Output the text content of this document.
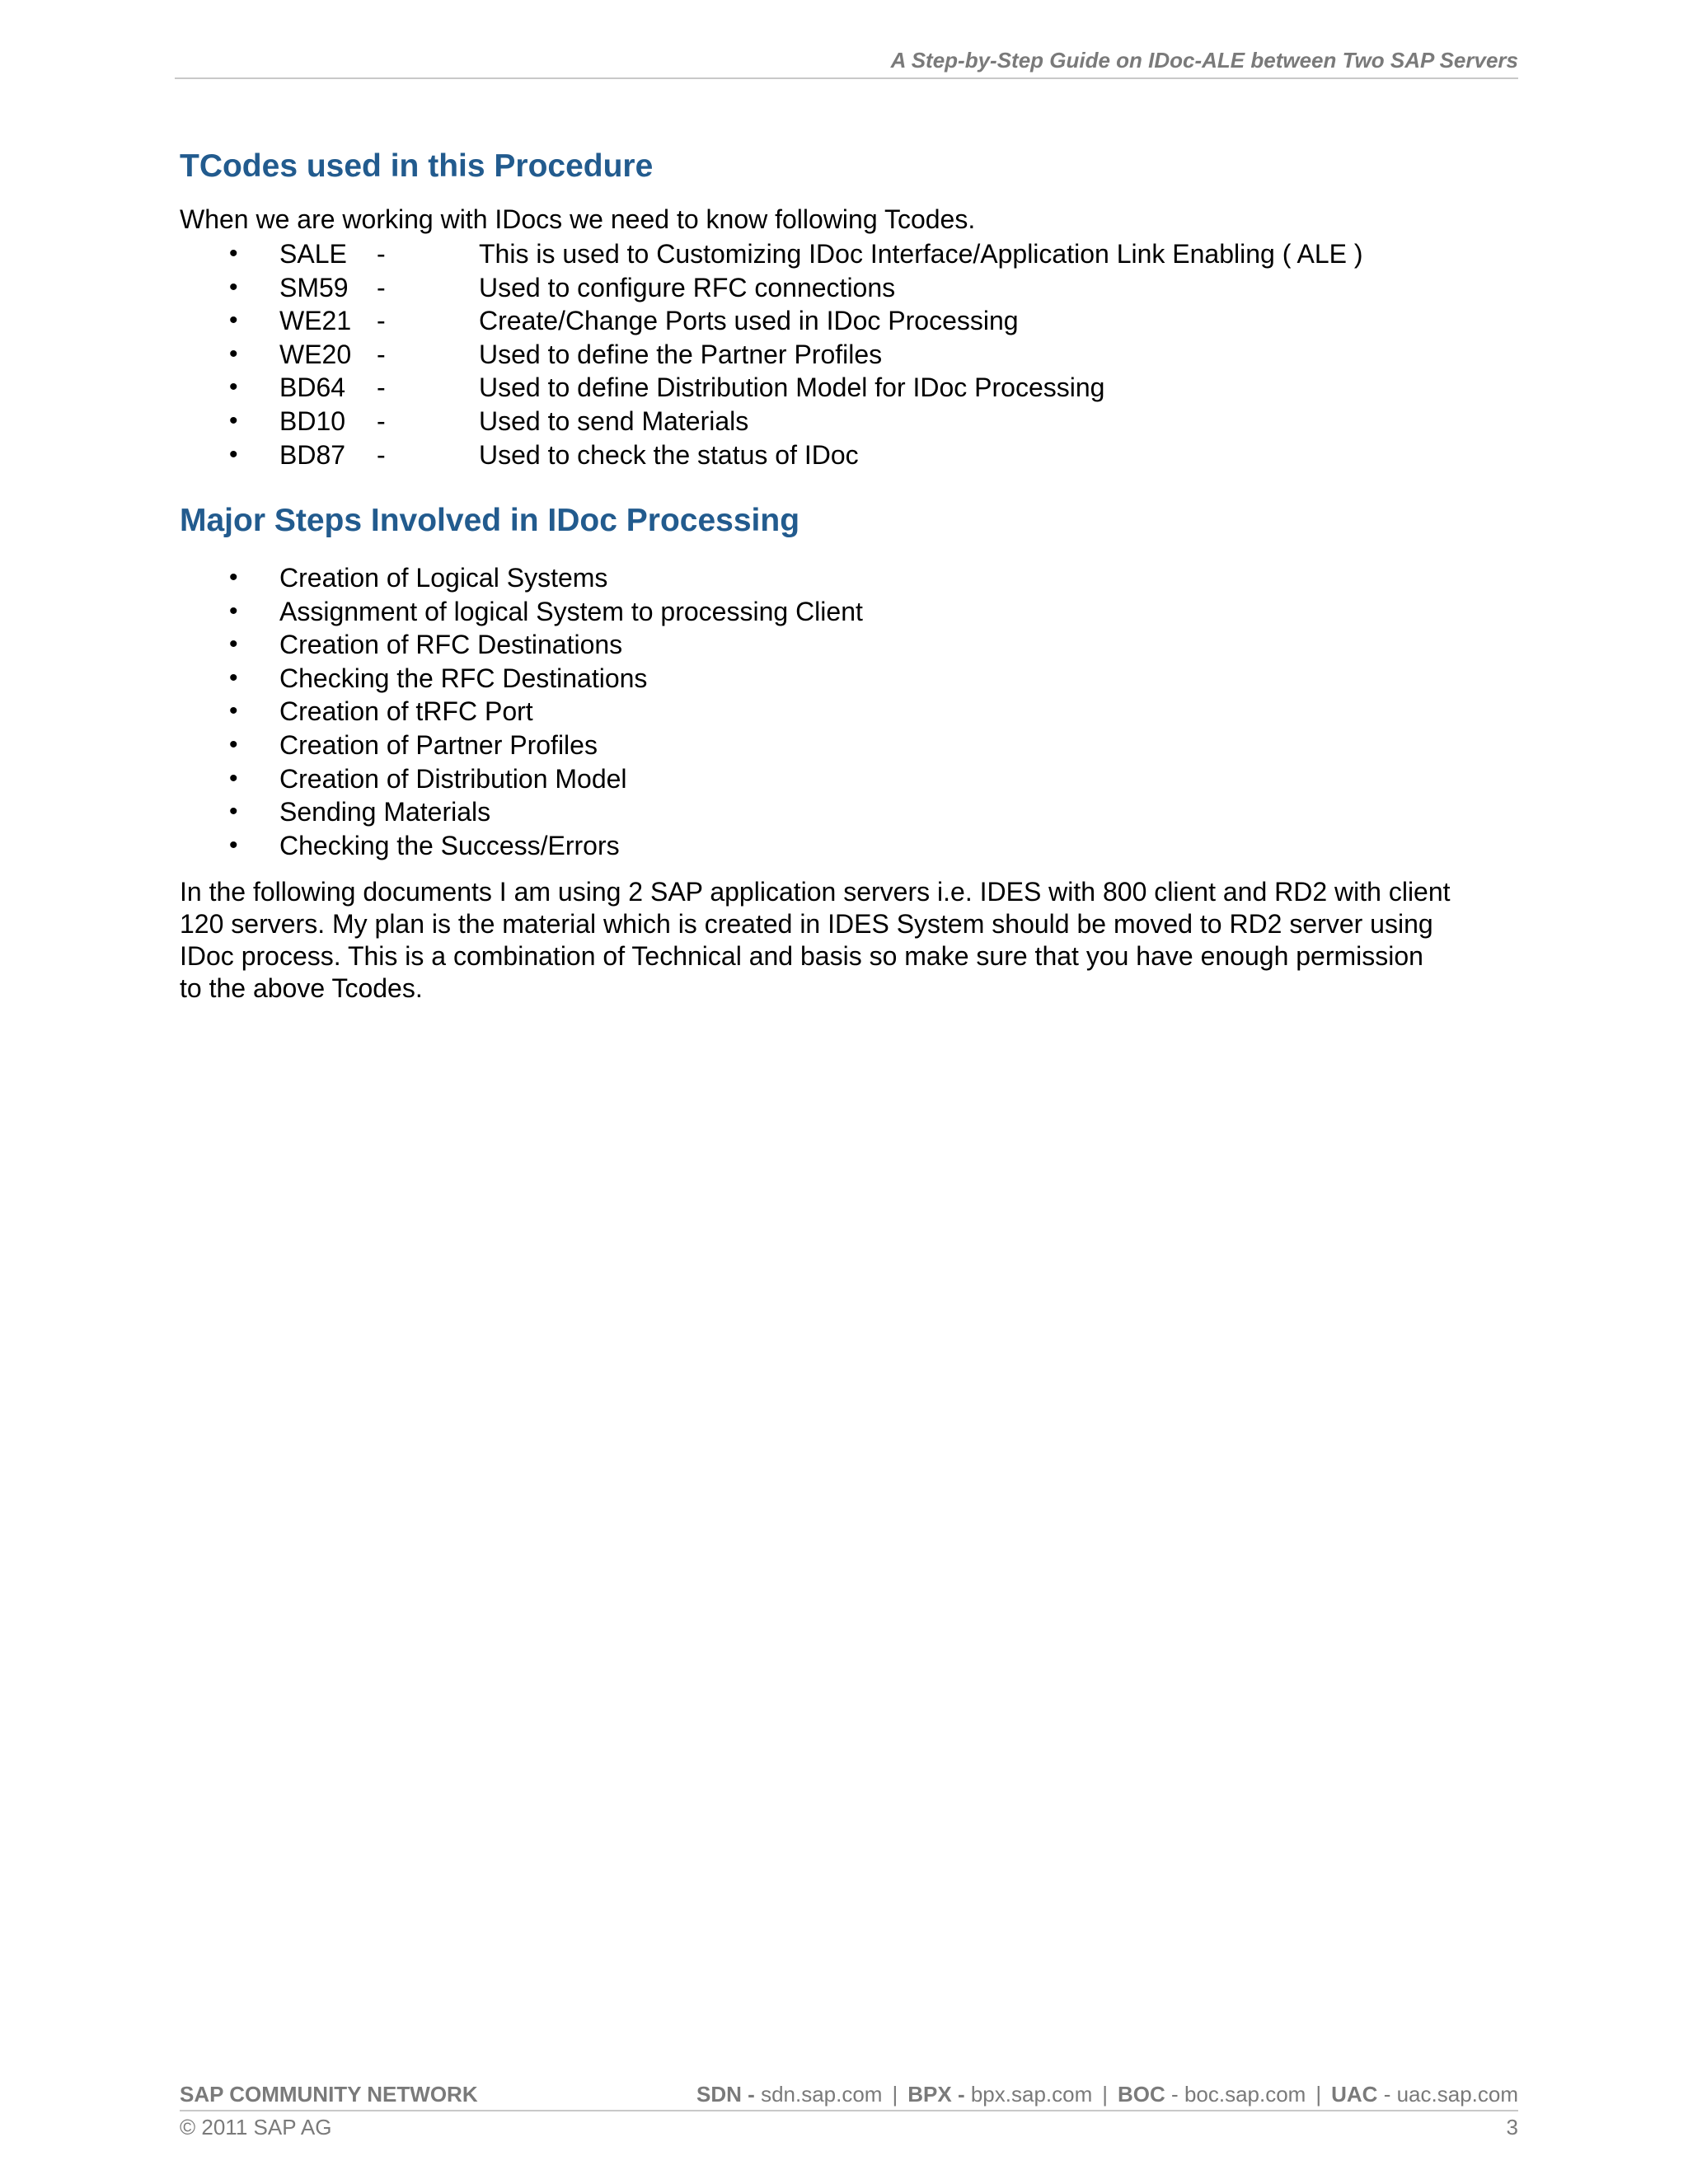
A Step-by-Step Guide on IDoc-ALE between Two SAP Servers
TCodes used in this Procedure

When we are working with IDocs we need to know following Tcodes.

• SALE -	This is used to Customizing IDoc Interface/Application Link Enabling ( ALE )
• SM59 -	Used to configure RFC connections
• WE21 -	Create/Change Ports used in IDoc Processing
• WE20 -	Used to define the Partner Profiles
• BD64 -	Used to define Distribution Model for IDoc Processing
• BD10 -	Used to send Materials
• BD87 -	Used to check the status of IDoc
Major Steps Involved in IDoc Processing
• Creation of Logical Systems
• Assignment of logical System to processing Client
• Creation of RFC Destinations
• Checking the RFC Destinations
• Creation of tRFC Port
• Creation of Partner Profiles
• Creation of Distribution Model
• Sending Materials
• Checking the Success/Errors

In the following documents I am using 2 SAP application servers i.e. IDES with 800 client and RD2 with client
120 servers. My plan is the material which is created in IDES System should be moved to RD2 server using
IDoc process. This is a combination of Technical and basis so make sure that you have enough permission
to the above Tcodes.

SAP COMMUNITY NETWORK	SDN - sdn.sap.com | BPX - bpx.sap.com | BOC - boc.sap.com | UAC - uac.sap.com
© 2011 SAP AG	3
